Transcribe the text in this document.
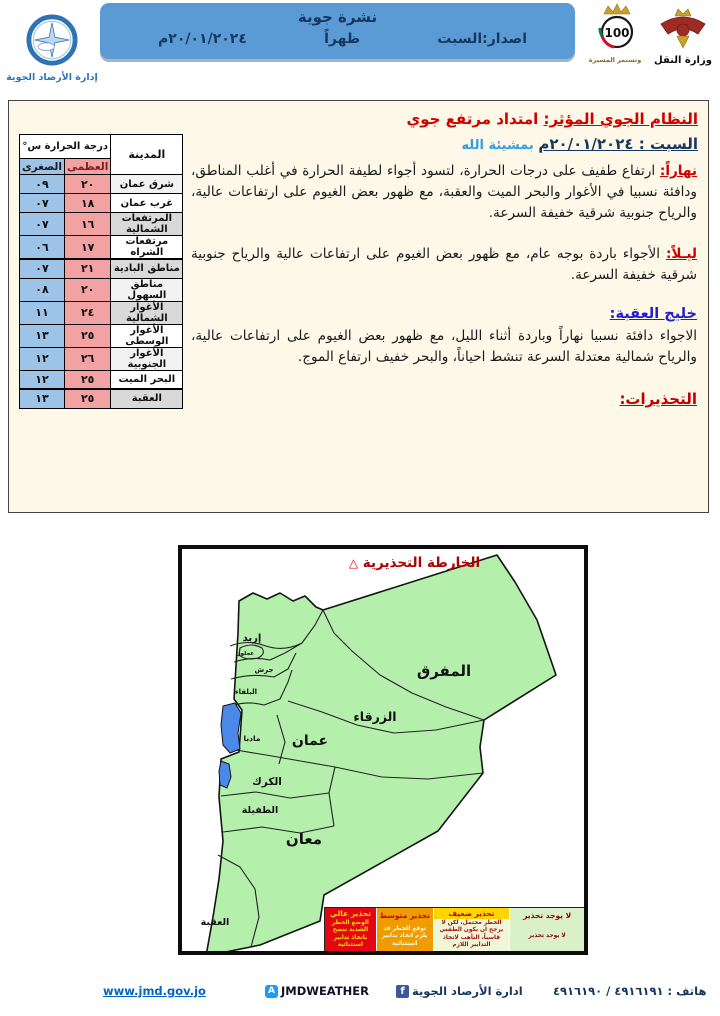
إدارة الأرصاد الجوية
نشرة جوية
اصدار:السبت
ظهراً
٢٠/٠١/٢٠٢٤م	100
وتستمر المسيرة	وزارة النقل
النظام الجوي المؤثر: امتداد مرتفع جوي
السبت : ٢٠/٠١/٢٠٢٤م بمشيئة الله
المدينة	درجة الحرارة س°	
	العظمى	الصغرى
شرق عمان	٢٠	٠٩
غرب عمان	١٨	٠٧
المرتفعات الشمالية	١٦	٠٧
مرتفعات الشراه	١٧	٠٦
مناطق البادية	٢١	٠٧
مناطق السهول	٢٠	٠٨
الأغوار الشمالية	٢٤	١١
الأغوار الوسطى	٢٥	١٣
الأغوار الجنوبية	٢٦	١٢
البحر الميت	٢٥	١٢
العقبة	٢٥	١٣
نهاراً: ارتفاع طفيف على درجات الحرارة، لتسود أجواء لطيفة الحرارة في أغلب المناطق، ودافئة نسبيا في الأغوار والبحر الميت والعقبة، مع ظهور بعض الغيوم على ارتفاعات عالية، والرياح جنوبية شرقية خفيفة السرعة.
ليـلاً: الأجواء باردة بوجه عام، مع ظهور بعض الغيوم على ارتفاعات عالية والرياح جنوبية شرقية خفيفة السرعة.
خليج العقبة:
الاجواء دافئة نسبيا نهاراً وباردة أثناء الليل، مع ظهور بعض الغيوم على ارتفاعات عالية، والرياح شمالية معتدلة السرعة تنشط احياناً، والبحر خفيف ارتفاع الموج.
التحذيرات:
الخارطة التحذيرية △
إربد
عجلون
جرش
البلقاء
المفرق
الزرقاء
عمان
مادبا
الكرك
الطفيلة
معان
العقبة
تحذير عالي
الوضع الخطر الشديد ننصح باتخاذ تدابير استثنائية
تحذير متوسط
توقع للخطر قد يلزم اتخاذ تدابير استثنائية
تحذير ضعيف
الخطر محتمل، لكن لا يرجح ان يكون الطقس قاسياً، التأهب لاتخاذ التدابير اللازم
لا يوجد تحذير
لا يوجد تحذير
www.jmd.gov.jo	A JMDWEATHER	f ادارة الأرصاد الجوية	هاتف : ٤٩١٦١٩١ / ٤٩١٦١٩٠
